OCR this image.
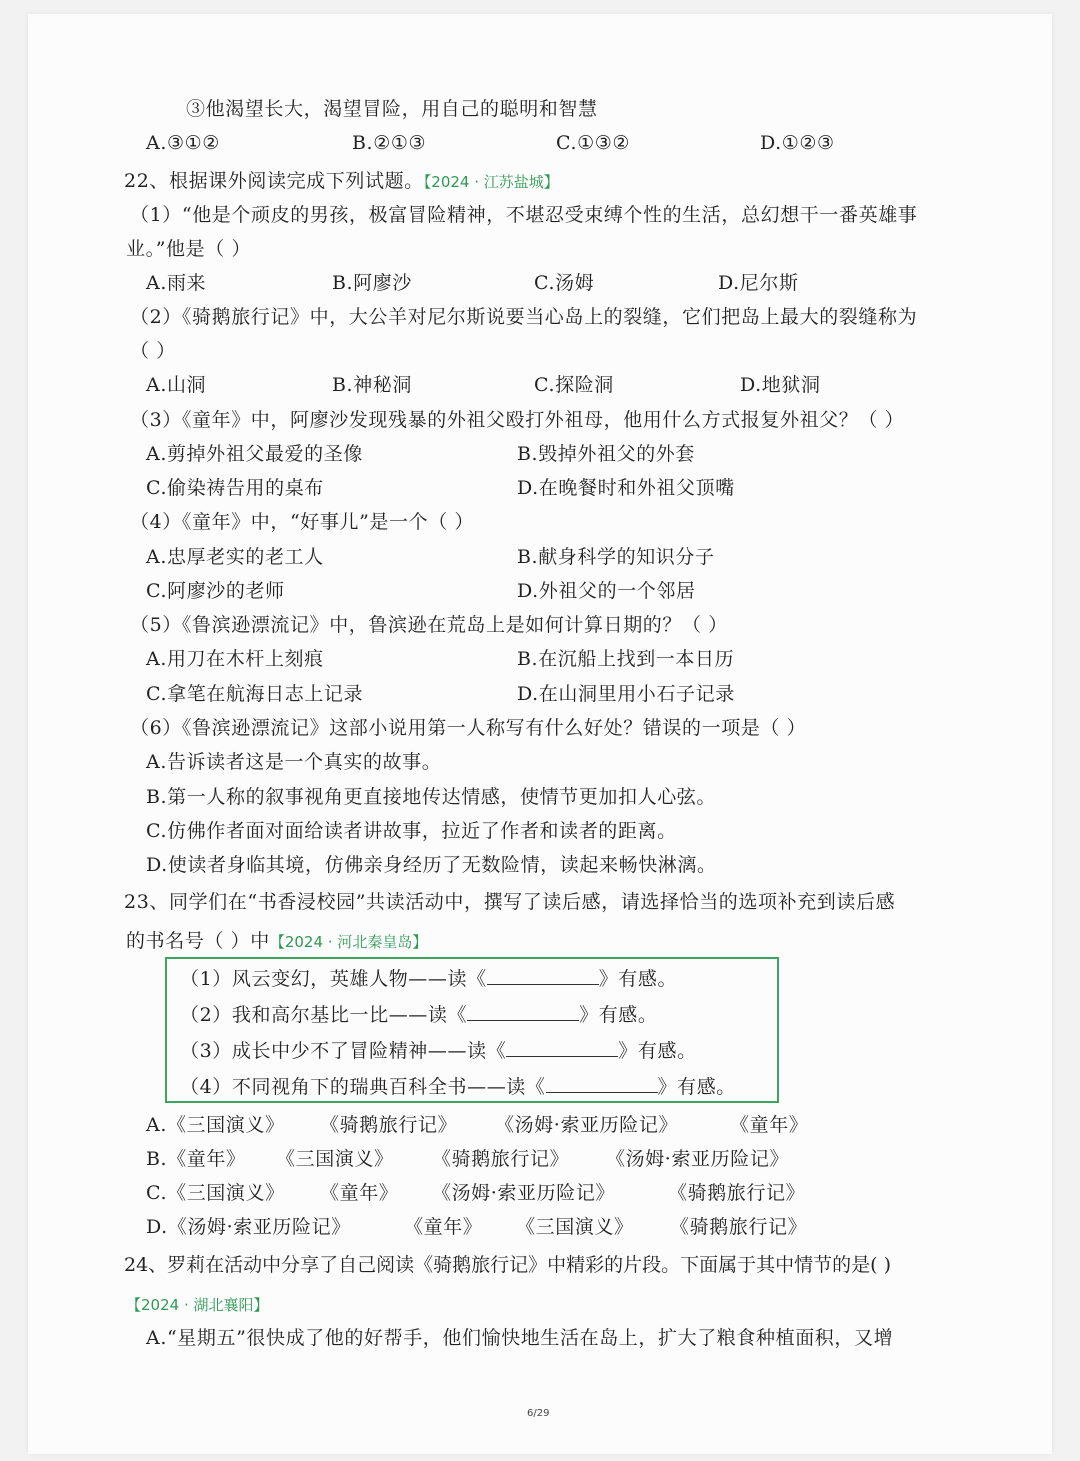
③他渴望长大，渴望冒险，用自己的聪明和智慧
A.③①②	B.②①③	C.①③②	D.①②③
22、根据课外阅读完成下列试题。【2024 · 江苏盐城】
（1）“他是个顽皮的男孩，极富冒险精神，不堪忍受束缚个性的生活，总幻想干一番英雄事
业。”他是（ ）
A.雨来	B.阿廖沙	C.汤姆	D.尼尔斯
（2）《骑鹅旅行记》中，大公羊对尼尔斯说要当心岛上的裂缝，它们把岛上最大的裂缝称为
（ ）
A.山洞	B.神秘洞	C.探险洞	D.地狱洞
（3）《童年》中，阿廖沙发现残暴的外祖父殴打外祖母，他用什么方式报复外祖父？（ ）
A.剪掉外祖父最爱的圣像	B.毁掉外祖父的外套
C.偷染祷告用的桌布	D.在晚餐时和外祖父顶嘴
（4）《童年》中，“好事儿”是一个（ ）
A.忠厚老实的老工人	B.献身科学的知识分子
C.阿廖沙的老师	D.外祖父的一个邻居
（5）《鲁滨逊漂流记》中，鲁滨逊在荒岛上是如何计算日期的？（ ）
A.用刀在木杆上刻痕	B.在沉船上找到一本日历
C.拿笔在航海日志上记录	D.在山洞里用小石子记录
（6）《鲁滨逊漂流记》这部小说用第一人称写有什么好处？错误的一项是（ ）
A.告诉读者这是一个真实的故事。
B.第一人称的叙事视角更直接地传达情感，使情节更加扣人心弦。
C.仿佛作者面对面给读者讲故事，拉近了作者和读者的距离。
D.使读者身临其境，仿佛亲身经历了无数险情，读起来畅快淋漓。
23、同学们在“书香浸校园”共读活动中，撰写了读后感，请选择恰当的选项补充到读后感
的书名号（ ）中【2024 · 河北秦皇岛】
（1）风云变幻，英雄人物——读《	》有感。
（2）我和高尔基比一比——读《	》有感。
（3）成长中少不了冒险精神——读《	》有感。
（4）不同视角下的瑞典百科全书——读《	》有感。
A.《三国演义》 《骑鹅旅行记》 《汤姆·索亚历险记》	《童年》
B.《童年》 《三国演义》 《骑鹅旅行记》 《汤姆·索亚历险记》
C.《三国演义》 《童年》 《汤姆·索亚历险记》	《骑鹅旅行记》
D.《汤姆·索亚历险记》	《童年》 《三国演义》 《骑鹅旅行记》
24、罗莉在活动中分享了自己阅读《骑鹅旅行记》中精彩的片段。下面属于其中情节的是( )
【2024 · 湖北襄阳】
A.“星期五”很快成了他的好帮手，他们愉快地生活在岛上，扩大了粮食种植面积，又增
6/29
